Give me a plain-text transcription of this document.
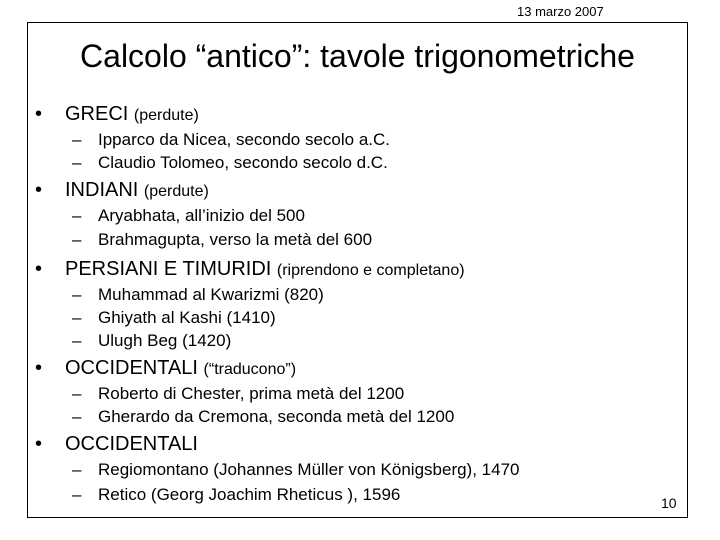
13 marzo 2007
Calcolo “antico”: tavole trigonometriche
• GRECI (perdute)
– Ipparco da Nicea, secondo secolo a.C.
– Claudio Tolomeo, secondo secolo d.C.
• INDIANI (perdute)
– Aryabhata, all’inizio del 500
– Brahmagupta, verso la metà del 600
• PERSIANI E TIMURIDI (riprendono e completano)
– Muhammad al Kwarizmi (820)
– Ghiyath al Kashi (1410)
– Ulugh Beg (1420)
• OCCIDENTALI (“traducono”)
– Roberto di Chester, prima metà del 1200
– Gherardo da Cremona, seconda metà del 1200
• OCCIDENTALI
– Regiomontano (Johannes Müller von Königsberg), 1470
– Retico (Georg Joachim Rheticus ), 1596	10
